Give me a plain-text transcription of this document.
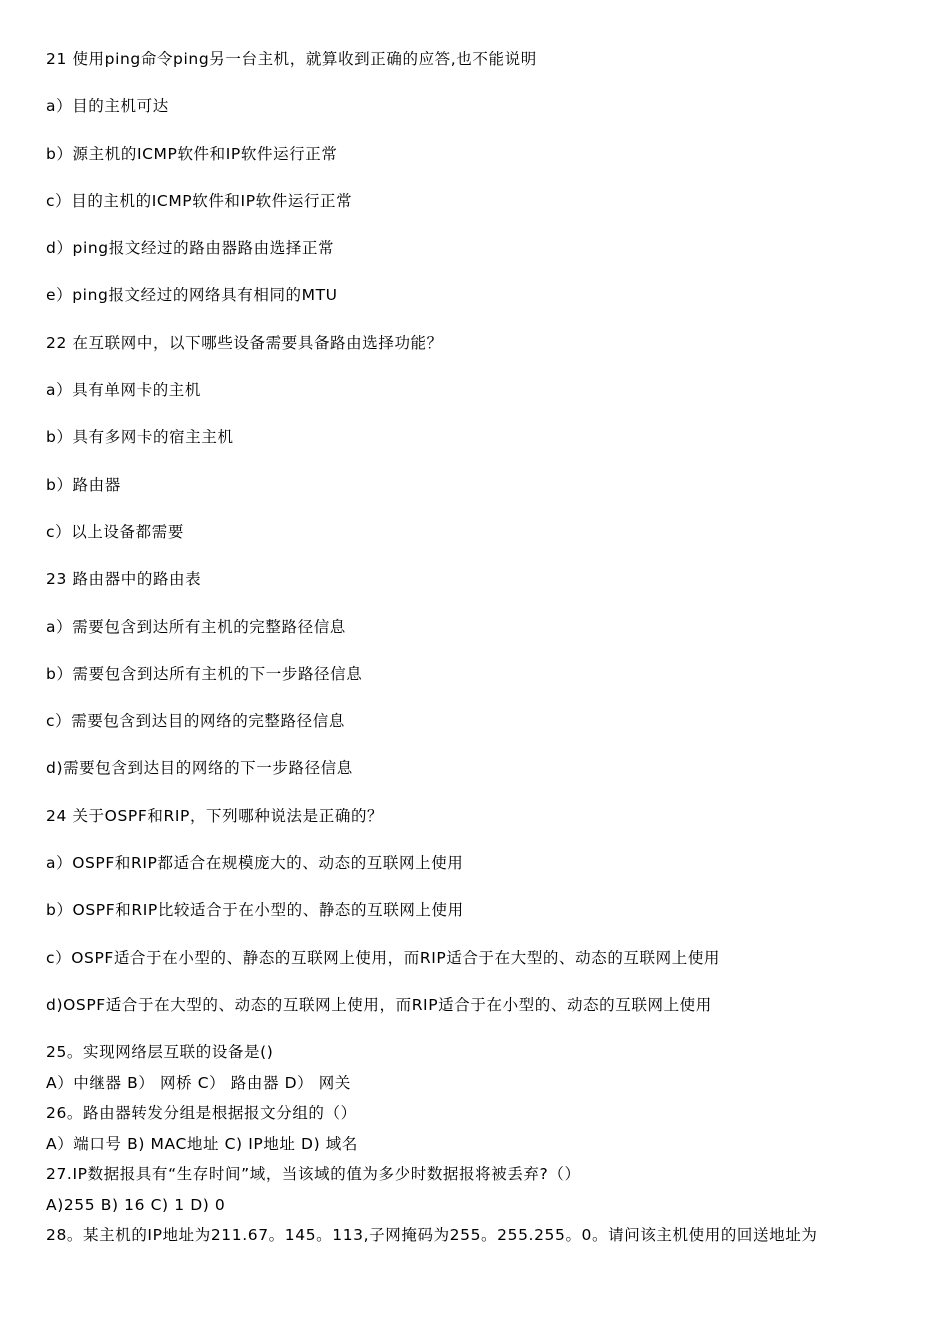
21 使用ping命令ping另一台主机，就算收到正确的应答,也不能说明
a）目的主机可达
b）源主机的ICMP软件和IP软件运行正常
c）目的主机的ICMP软件和IP软件运行正常
d）ping报文经过的路由器路由选择正常
e）ping报文经过的网络具有相同的MTU
22 在互联网中，以下哪些设备需要具备路由选择功能？
a）具有单网卡的主机
b）具有多网卡的宿主主机
b）路由器
c）以上设备都需要
23 路由器中的路由表
a）需要包含到达所有主机的完整路径信息
b）需要包含到达所有主机的下一步路径信息
c）需要包含到达目的网络的完整路径信息
d)需要包含到达目的网络的下一步路径信息
24 关于OSPF和RIP，下列哪种说法是正确的？
a）OSPF和RIP都适合在规模庞大的、动态的互联网上使用
b）OSPF和RIP比较适合于在小型的、静态的互联网上使用
c）OSPF适合于在小型的、静态的互联网上使用，而RIP适合于在大型的、动态的互联网上使用
d)OSPF适合于在大型的、动态的互联网上使用，而RIP适合于在小型的、动态的互联网上使用
25。实现网络层互联的设备是()
A）中继器 B） 网桥 C） 路由器 D） 网关
26。路由器转发分组是根据报文分组的（）
A）端口号 B) MAC地址 C) IP地址 D) 域名
27.IP数据报具有“生存时间”域，当该域的值为多少时数据报将被丢弃?（）
A)255 B) 16 C) 1 D) 0
28。某主机的IP地址为211.67。145。113,子网掩码为255。255.255。0。请问该主机使用的回送地址为
